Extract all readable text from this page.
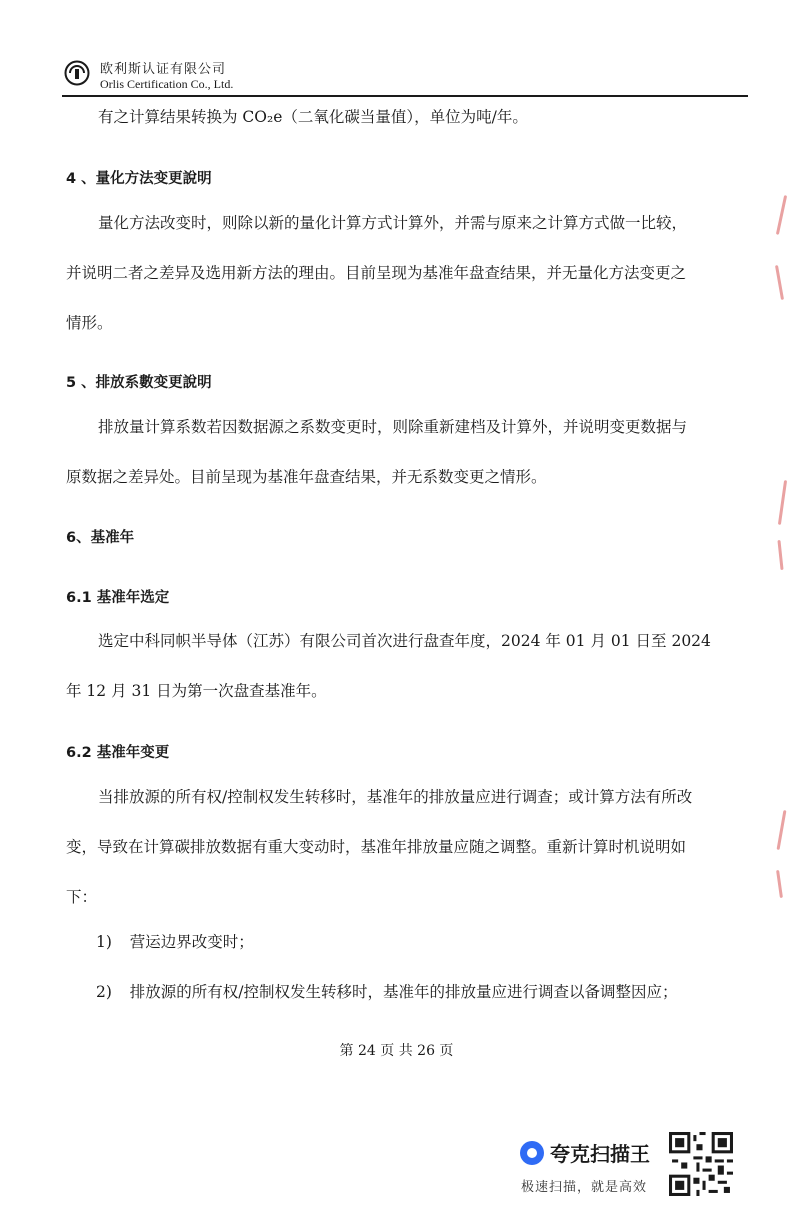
欧利斯认证有限公司
Orlis Certification Co., Ltd.
有之计算结果转换为 CO₂e（二氧化碳当量值），单位为吨/年。
4 、量化方法变更說明
量化方法改变时，则除以新的量化计算方式计算外，并需与原来之计算方式做一比较，
并说明二者之差异及选用新方法的理由。目前呈现为基准年盘查结果，并无量化方法变更之
情形。
5 、排放系數变更說明
排放量计算系数若因数据源之系数变更时，则除重新建档及计算外，并说明变更数据与
原数据之差异处。目前呈现为基准年盘查结果，并无系数变更之情形。
6、基准年
6.1 基准年选定
选定中科同帜半导体（江苏）有限公司首次进行盘查年度，2024 年 01 月 01 日至 2024
年 12 月 31 日为第一次盘查基准年。
6.2 基准年变更
当排放源的所有权/控制权发生转移时，基准年的排放量应进行调查；或计算方法有所改
变，导致在计算碳排放数据有重大变动时，基准年排放量应随之调整。重新计算时机说明如
下：
1) 营运边界改变时；
2) 排放源的所有权/控制权发生转移时，基准年的排放量应进行调查以备调整因应；
第 24 页 共 26 页
夸克扫描王
极速扫描，就是高效
